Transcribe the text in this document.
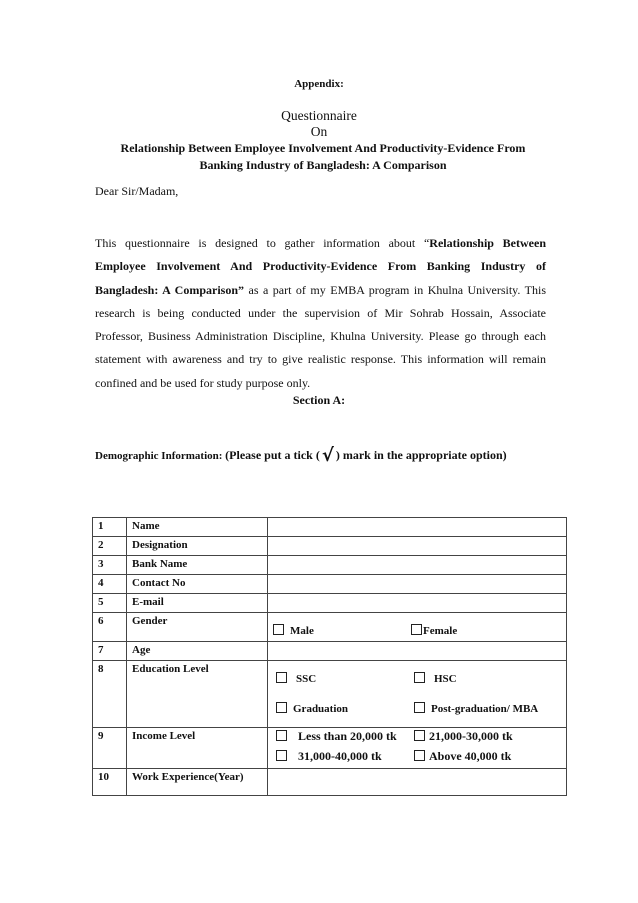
Appendix:
Questionnaire
On
Relationship Between Employee Involvement And Productivity-Evidence From
Banking Industry of Bangladesh: A Comparison
Dear Sir/Madam,
This questionnaire is designed to gather information about “Relationship Between Employee Involvement And Productivity-Evidence From Banking Industry of Bangladesh: A Comparison” as a part of my EMBA program in Khulna University. This research is being conducted under the supervision of Mir Sohrab Hossain, Associate Professor, Business Administration Discipline, Khulna University. Please go through each statement with awareness and try to give realistic response. This information will remain confined and be used for study purpose only.
Section A:
Demographic Information: (Please put a tick ( √ ) mark in the appropriate option)
1	Name	
2	Designation	
3	Bank Name	
4	Contact No	
5	E-mail	
6	Gender	Male Female

7	Age	
8	Education Level	SSC HSC
Graduation Post-graduation/ MBA

9	Income Level	Less than 20,000 tk 21,000-30,000 tk
31,000-40,000 tk Above 40,000 tk

10	Work Experience(Year)	
